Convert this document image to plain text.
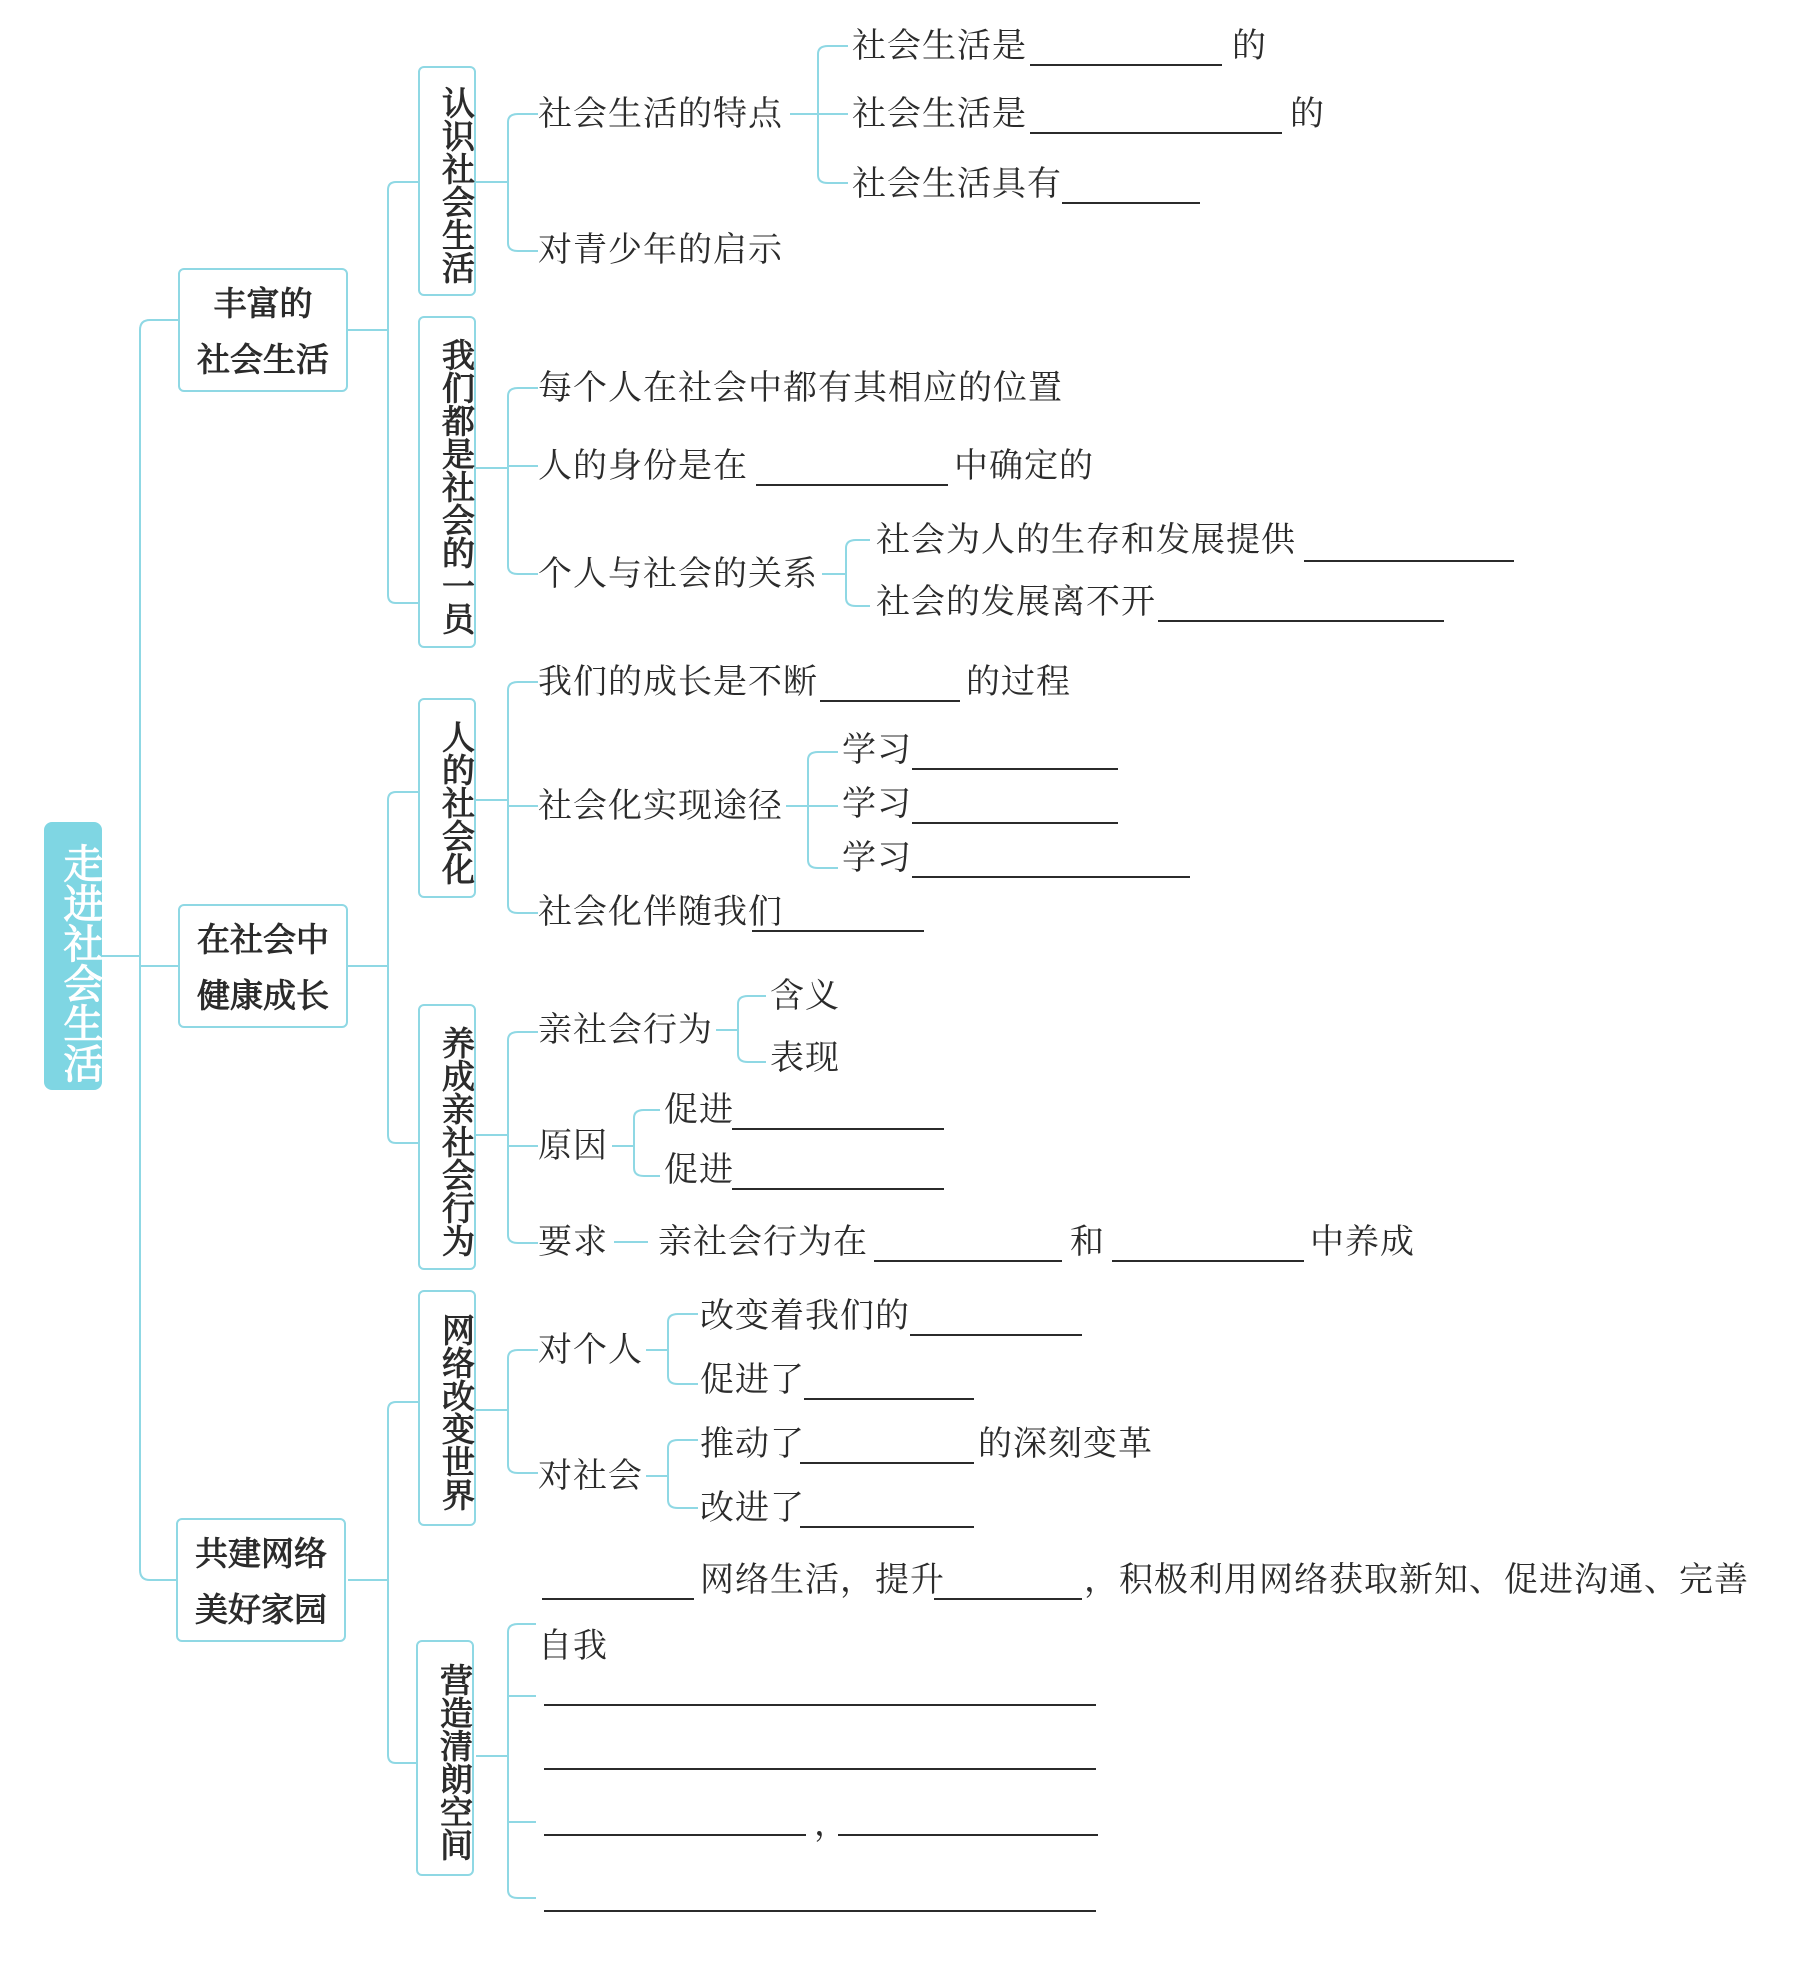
走进社会生活
丰富的
社会生活
在社会中
健康成长
共建网络
美好家园
认识社会生活
我们都是社会的一员
人的社会化
养成亲社会行为
网络改变世界
营造清朗空间
社会生活的特点
社会生活是	的
社会生活是	的
社会生活具有
对青少年的启示
每个人在社会中都有其相应的位置
人的身份是在	中确定的
个人与社会的关系
社会为人的生存和发展提供
社会的发展离不开
我们的成长是不断	的过程
社会化实现途径
学习
学习
学习
社会化伴随我们
亲社会行为
含义
表现
原因
促进
促进
要求 亲社会行为在	和	中养成
对个人
改变着我们的
促进了
对社会
推动了	的深刻变革
改进了
网络生活，提升	，积极利用网络获取新知、促进沟通、完善
自我
，
